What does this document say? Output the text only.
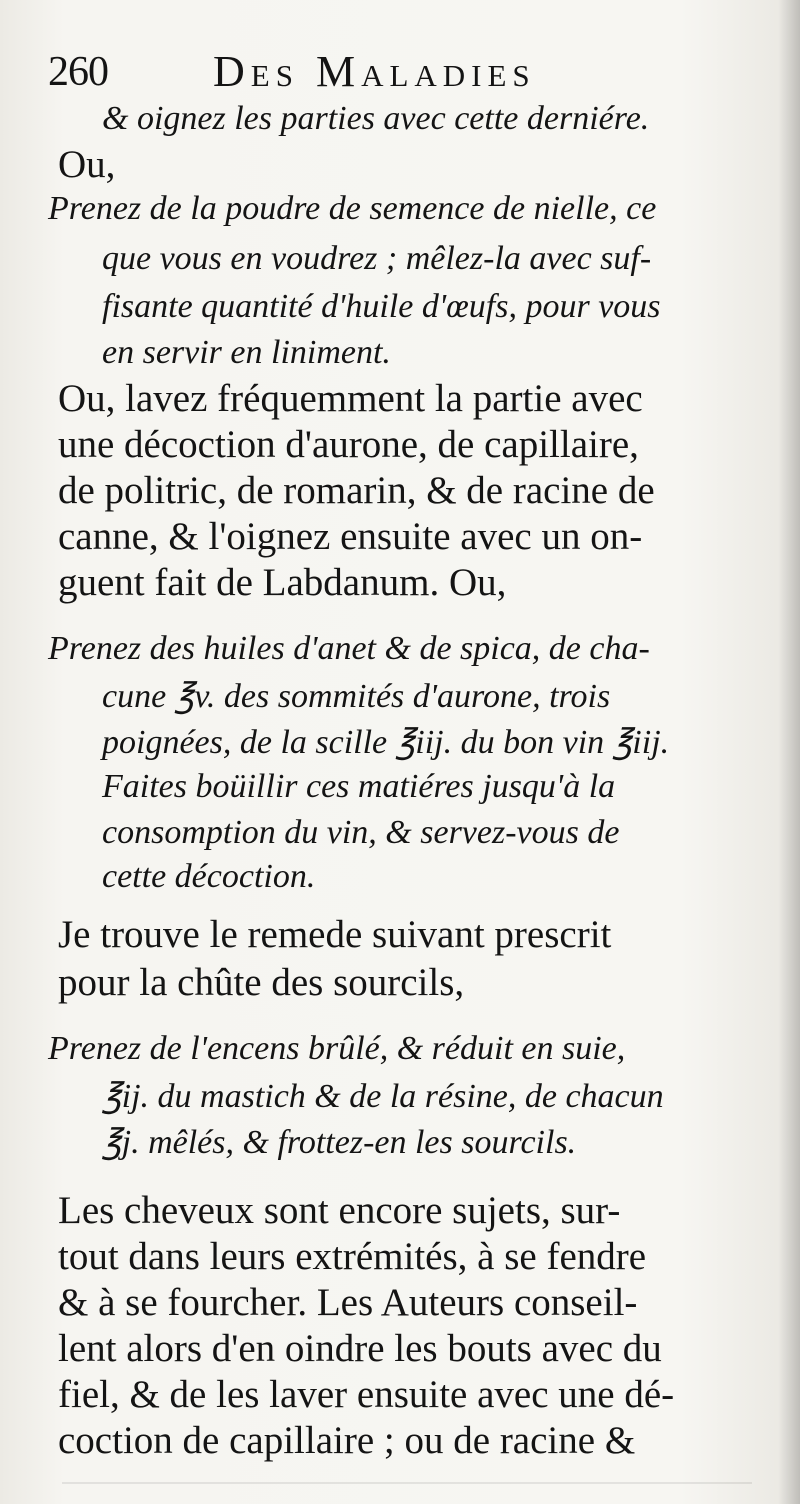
260 Des Maladies

& oignez les parties avec cette derniére.

Ou,

Prenez de la poudre de semence de nielle, ce

que vous en voudrez ; mêlez-la avec suf-

fisante quantité d'huile d'œufs, pour vous

en servir en liniment.

Ou, lavez fréquemment la partie avec

une décoction d'aurone, de capillaire,

de politric, de romarin, & de racine de

canne, & l'oignez ensuite avec un on-

guent fait de Labdanum. Ou,

Prenez des huiles d'anet & de spica, de cha-

cune ℥v. des sommités d'aurone, trois

poignées, de la scille ℥iij. du bon vin ℥iij.

Faites boüillir ces matiéres jusqu'à la

consomption du vin, & servez-vous de

cette décoction.

Je trouve le remede suivant prescrit

pour la chûte des sourcils,

Prenez de l'encens brûlé, & réduit en suie,

℥ij. du mastich & de la résine, de chacun

℥j. mêlés, & frottez-en les sourcils.

Les cheveux sont encore sujets, sur-

tout dans leurs extrémités, à se fendre

& à se fourcher. Les Auteurs conseil-

lent alors d'en oindre les bouts avec du

fiel, & de les laver ensuite avec une dé-

coction de capillaire ; ou de racine &
